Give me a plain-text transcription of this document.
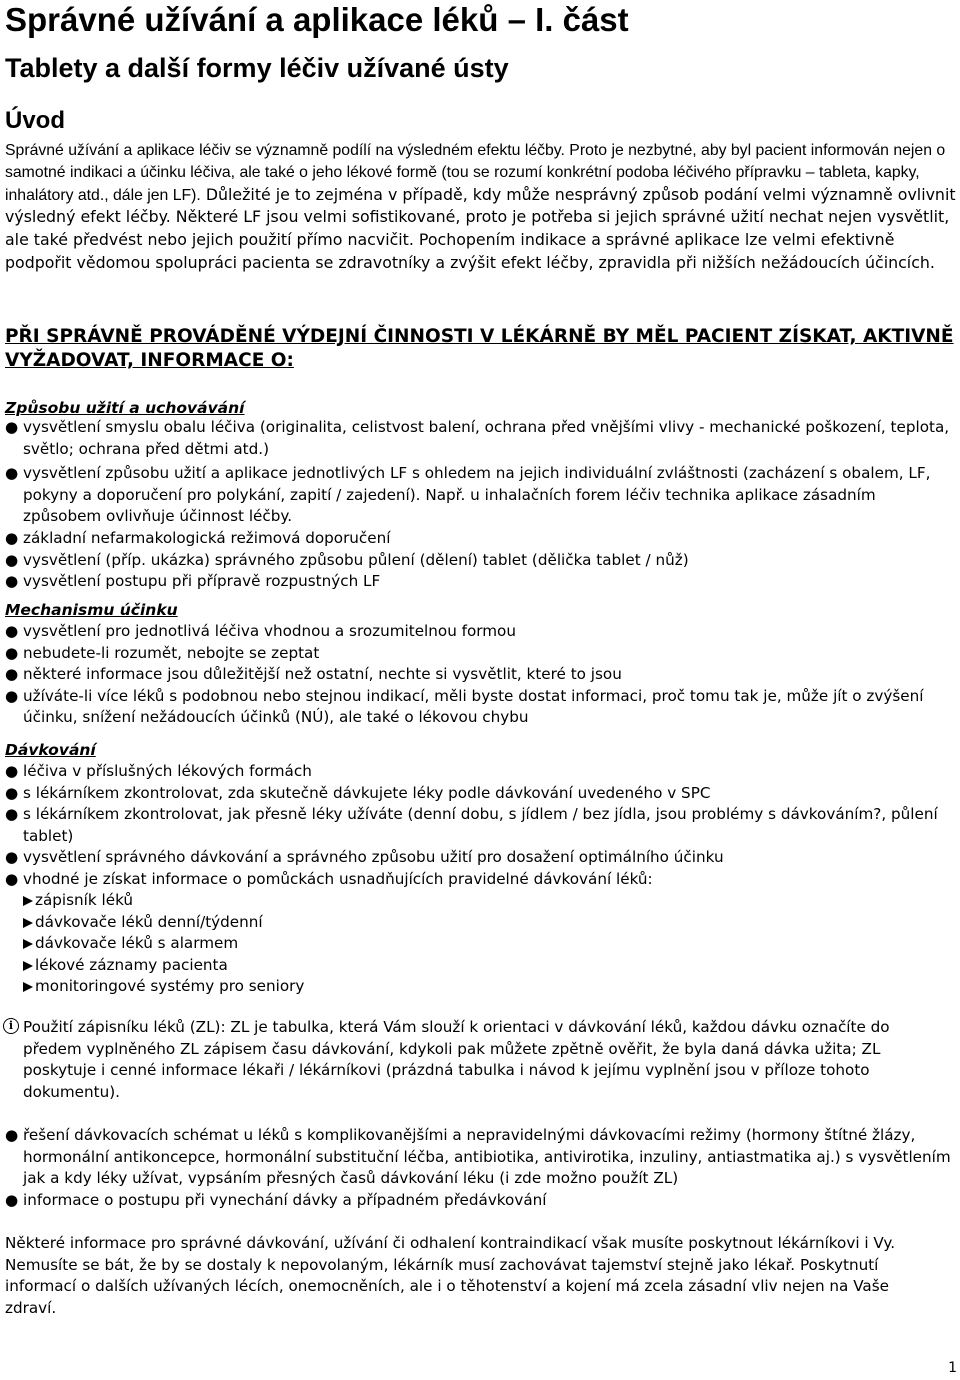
Správné užívání a aplikace léků – I. část
Tablety a další formy léčiv užívané ústy
Úvod
Správné užívání a aplikace léčiv se významně podílí na výsledném efektu léčby. Proto je nezbytné, aby byl pacient informován nejen o samotné indikaci a účinku léčiva, ale také o jeho lékové formě (tou se rozumí konkrétní podoba léčivého přípravku – tableta, kapky, inhalátory atd., dále jen LF). Důležité je to zejména v případě, kdy může nesprávný způsob podání velmi významně ovlivnit výsledný efekt léčby. Některé LF jsou velmi sofistikované, proto je potřeba si jejich správné užití nechat nejen vysvětlit, ale také předvést nebo jejich použití přímo nacvičit. Pochopením indikace a správné aplikace lze velmi efektivně podpořit vědomou spolupráci pacienta se zdravotníky a zvýšit efekt léčby, zpravidla při nižších nežádoucích účincích.
PŘI SPRÁVNĚ PROVÁDĚNÉ VÝDEJNÍ ČINNOSTI V LÉKÁRNĚ BY MĚL PACIENT ZÍSKAT, AKTIVNĚ VYŽADOVAT, INFORMACE O:
Způsobu užití a uchovávání
● vysvětlení smyslu obalu léčiva (originalita, celistvost balení, ochrana před vnějšími vlivy - mechanické poškození, teplota, světlo; ochrana před dětmi atd.)
● vysvětlení způsobu užití a aplikace jednotlivých LF s ohledem na jejich individuální zvláštnosti (zacházení s obalem, LF, pokyny a doporučení pro polykání, zapití / zajedení). Např. u inhalačních forem léčiv technika aplikace zásadním způsobem ovlivňuje účinnost léčby.
● základní nefarmakologická režimová doporučení
● vysvětlení (příp. ukázka) správného způsobu půlení (dělení) tablet (dělička tablet / nůž)
● vysvětlení postupu při přípravě rozpustných LF
Mechanismu účinku
● vysvětlení pro jednotlivá léčiva vhodnou a srozumitelnou formou
● nebudete-li rozumět, nebojte se zeptat
● některé informace jsou důležitější než ostatní, nechte si vysvětlit, které to jsou
● užíváte-li více léků s podobnou nebo stejnou indikací, měli byste dostat informaci, proč tomu tak je, může jít o zvýšení účinku, snížení nežádoucích účinků (NÚ), ale také o lékovou chybu
Dávkování
● léčiva v příslušných lékových formách
● s lékárníkem zkontrolovat, zda skutečně dávkujete léky podle dávkování uvedeného v SPC
● s lékárníkem zkontrolovat, jak přesně léky užíváte (denní dobu, s jídlem / bez jídla, jsou problémy s dávkováním?, půlení tablet)
● vysvětlení správného dávkování a správného způsobu užití pro dosažení optimálního účinku
● vhodné je získat informace o pomůckách usnadňujících pravidelné dávkování léků:
zápisník léků
dávkovače léků denní/týdenní
dávkovače léků s alarmem
lékové záznamy pacienta
monitoringové systémy pro seniory
i Použití zápisníku léků (ZL): ZL je tabulka, která Vám slouží k orientaci v dávkování léků, každou dávku označíte do předem vyplněného ZL zápisem času dávkování, kdykoli pak můžete zpětně ověřit, že byla daná dávka užita; ZL poskytuje i cenné informace lékaři / lékárníkovi (prázdná tabulka i návod k jejímu vyplnění jsou v příloze tohoto dokumentu).
● řešení dávkovacích schémat u léků s komplikovanějšími a nepravidelnými dávkovacími režimy (hormony štítné žlázy, hormonální antikoncepce, hormonální substituční léčba, antibiotika, antivirotika, inzuliny, antiastmatika aj.) s vysvětlením jak a kdy léky užívat, vypsáním přesných časů dávkování léku (i zde možno použít ZL)
● informace o postupu při vynechání dávky a případném předávkování
Některé informace pro správné dávkování, užívání či odhalení kontraindikací však musíte poskytnout lékárníkovi i Vy. Nemusíte se bát, že by se dostaly k nepovolaným, lékárník musí zachovávat tajemství stejně jako lékař. Poskytnutí informací o dalších užívaných lécích, onemocněních, ale i o těhotenství a kojení má zcela zásadní vliv nejen na Vaše zdraví.
1
